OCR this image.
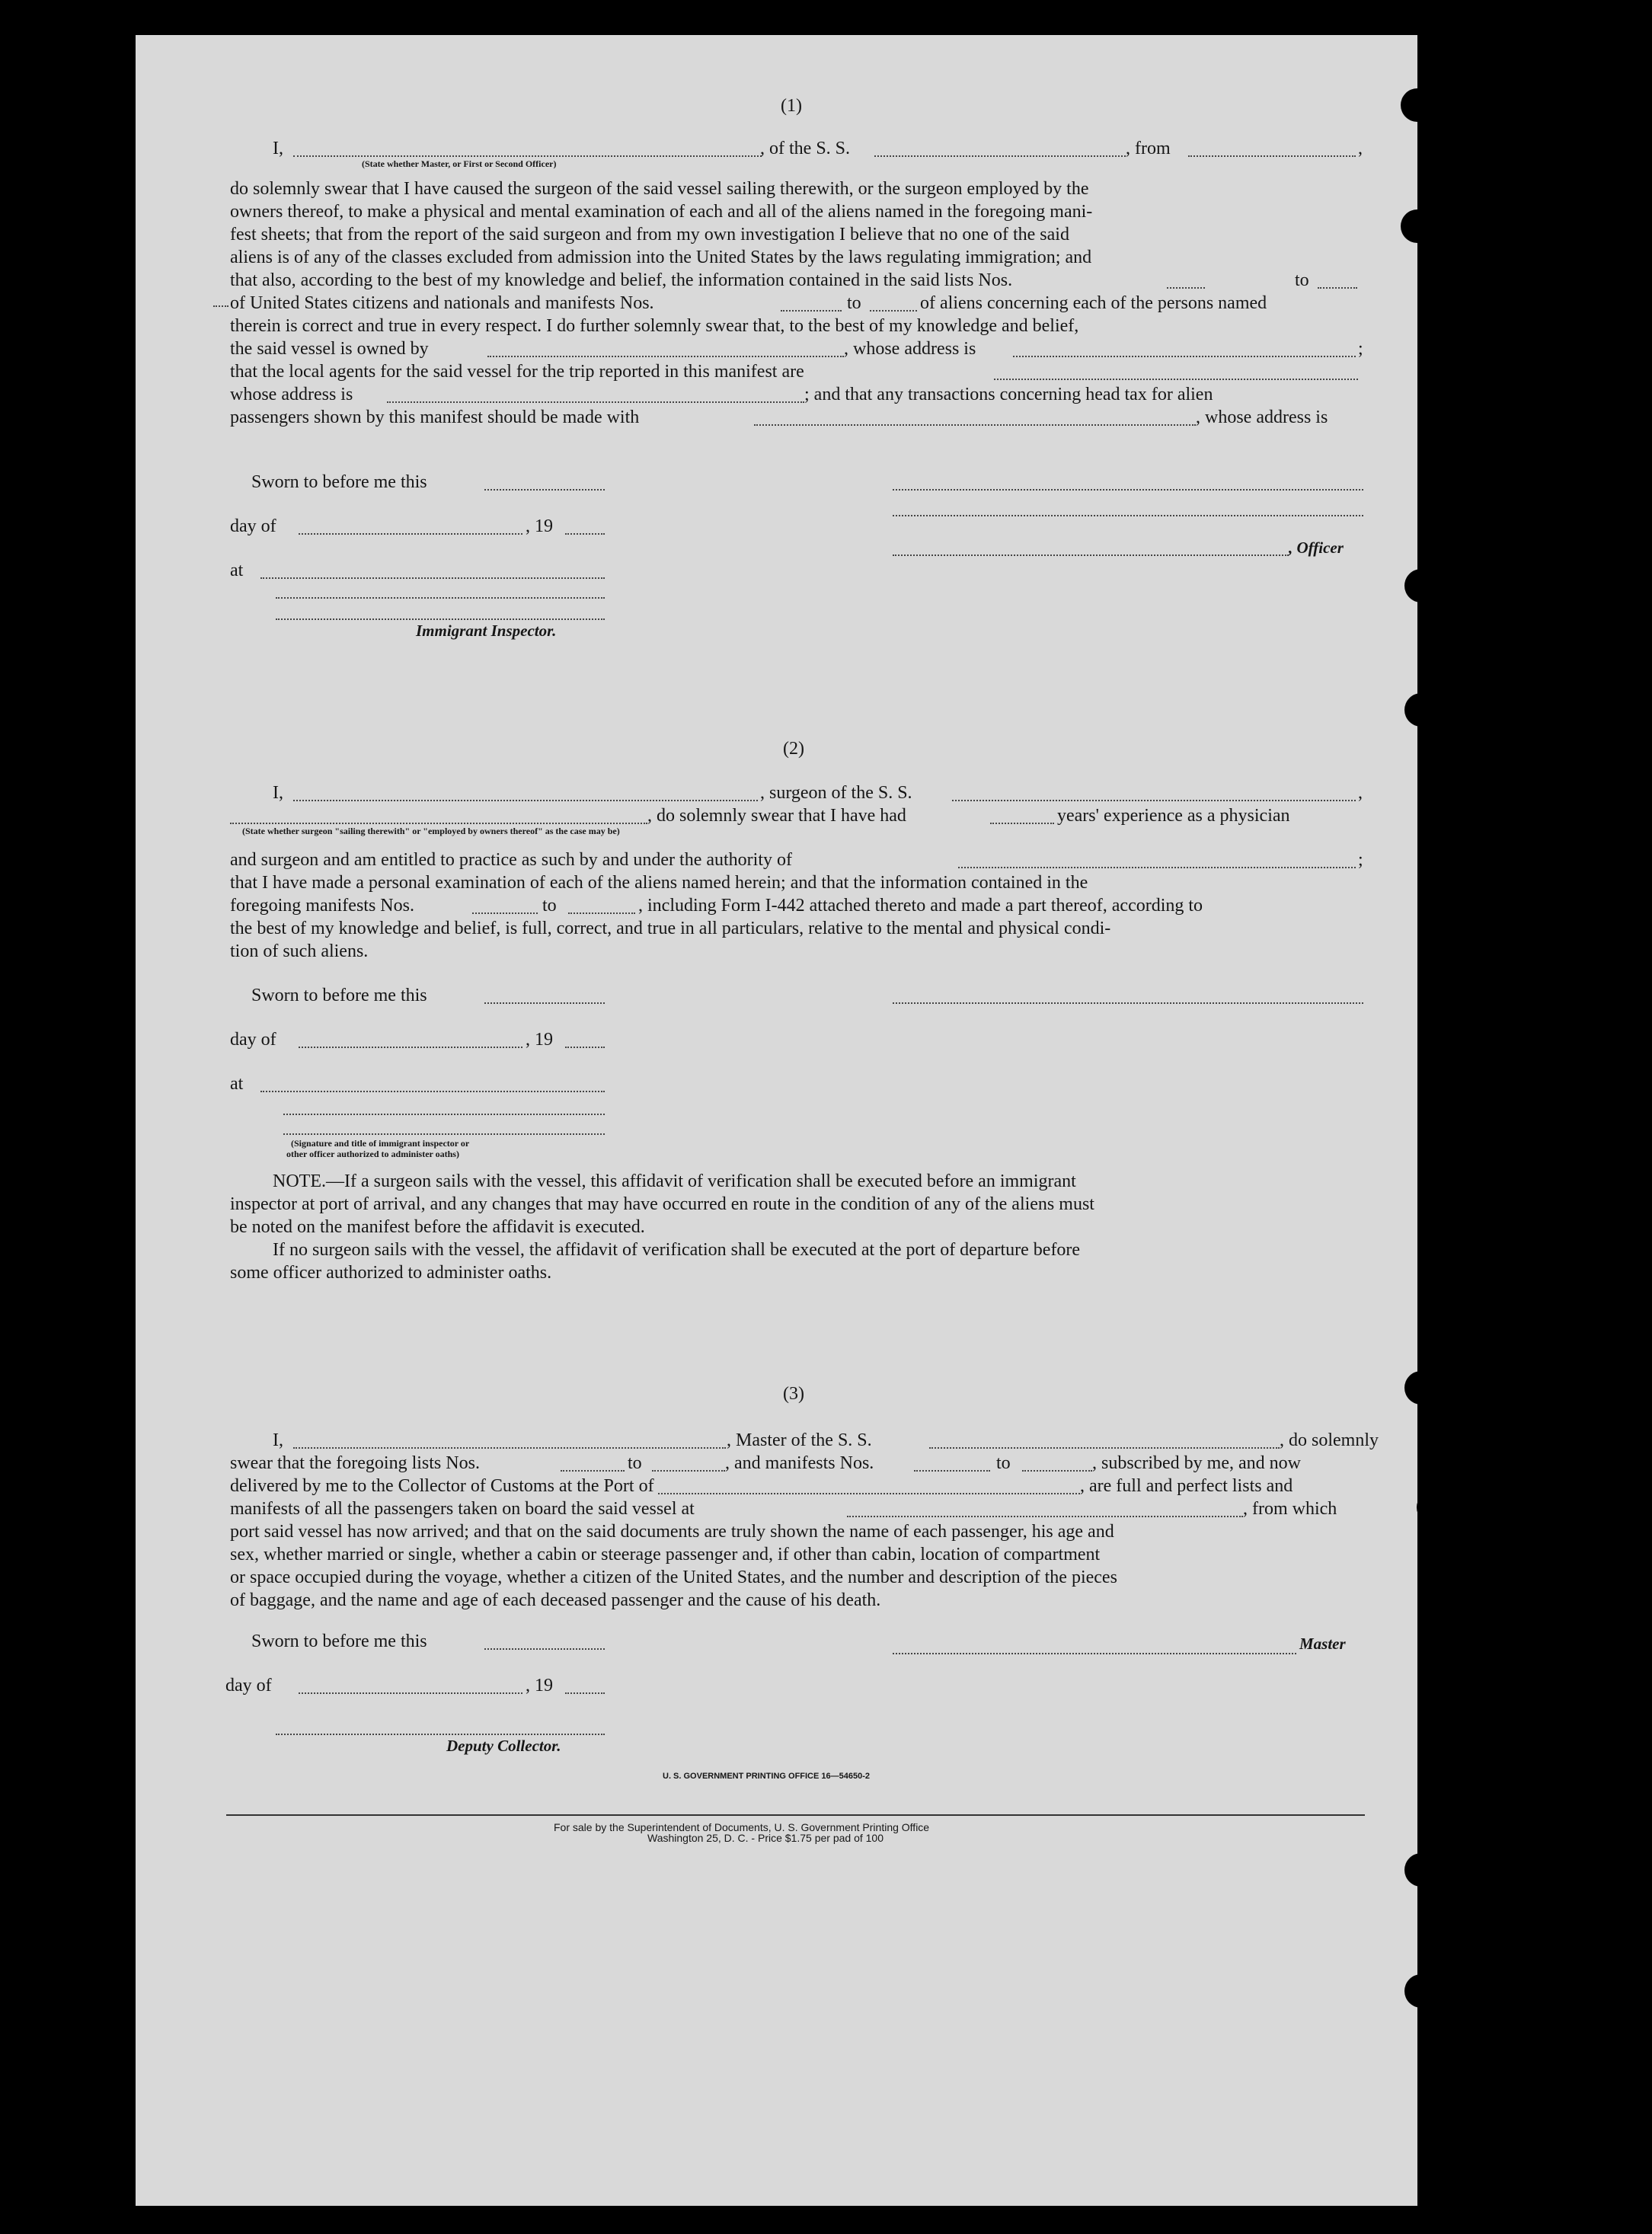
(1)
I,	, of the S. S.	, from	,
(State whether Master, or First or Second Officer)
do solemnly swear that I have caused the surgeon of the said vessel sailing therewith, or the surgeon employed by the
owners thereof, to make a physical and mental examination of each and all of the aliens named in the foregoing mani-
fest sheets; that from the report of the said surgeon and from my own investigation I believe that no one of the said
aliens is of any of the classes excluded from admission into the United States by the laws regulating immigration; and
that also, according to the best of my knowledge and belief, the information contained in the said lists Nos.	to
of United States citizens and nationals and manifests Nos.	to	of aliens concerning each of the persons named
therein is correct and true in every respect. I do further solemnly swear that, to the best of my knowledge and belief,
the said vessel is owned by	, whose address is	;
that the local agents for the said vessel for the trip reported in this manifest are
whose address is	; and that any transactions concerning head tax for alien
passengers shown by this manifest should be made with	, whose address is
Sworn to before me this
day of	, 19
, Officer
at
Immigrant Inspector.
(2)
I,	, surgeon of the S. S.	,
, do solemnly swear that I have had	years' experience as a physician
(State whether surgeon "sailing therewith" or "employed by owners thereof" as the case may be)
and surgeon and am entitled to practice as such by and under the authority of	;
that I have made a personal examination of each of the aliens named herein; and that the information contained in the
foregoing manifests Nos.	to	, including Form I-442 attached thereto and made a part thereof, according to
the best of my knowledge and belief, is full, correct, and true in all particulars, relative to the mental and physical condi-
tion of such aliens.
Sworn to before me this
day of	, 19
at
(Signature and title of immigrant inspector or
other officer authorized to administer oaths)
NOTE.—If a surgeon sails with the vessel, this affidavit of verification shall be executed before an immigrant
inspector at port of arrival, and any changes that may have occurred en route in the condition of any of the aliens must
be noted on the manifest before the affidavit is executed.
If no surgeon sails with the vessel, the affidavit of verification shall be executed at the port of departure before
some officer authorized to administer oaths.
(3)
I,	, Master of the S. S.	, do solemnly
swear that the foregoing lists Nos.	to	, and manifests Nos.	to	, subscribed by me, and now
delivered by me to the Collector of Customs at the Port of	, are full and perfect lists and
manifests of all the passengers taken on board the said vessel at	, from which
port said vessel has now arrived; and that on the said documents are truly shown the name of each passenger, his age and
sex, whether married or single, whether a cabin or steerage passenger and, if other than cabin, location of compartment
or space occupied during the voyage, whether a citizen of the United States, and the number and description of the pieces
of baggage, and the name and age of each deceased passenger and the cause of his death.
Sworn to before me this	Master
day of	, 19
Deputy Collector.
U. S. GOVERNMENT PRINTING OFFICE 16—54650-2
For sale by the Superintendent of Documents, U. S. Government Printing Office
Washington 25, D. C. - Price $1.75 per pad of 100
